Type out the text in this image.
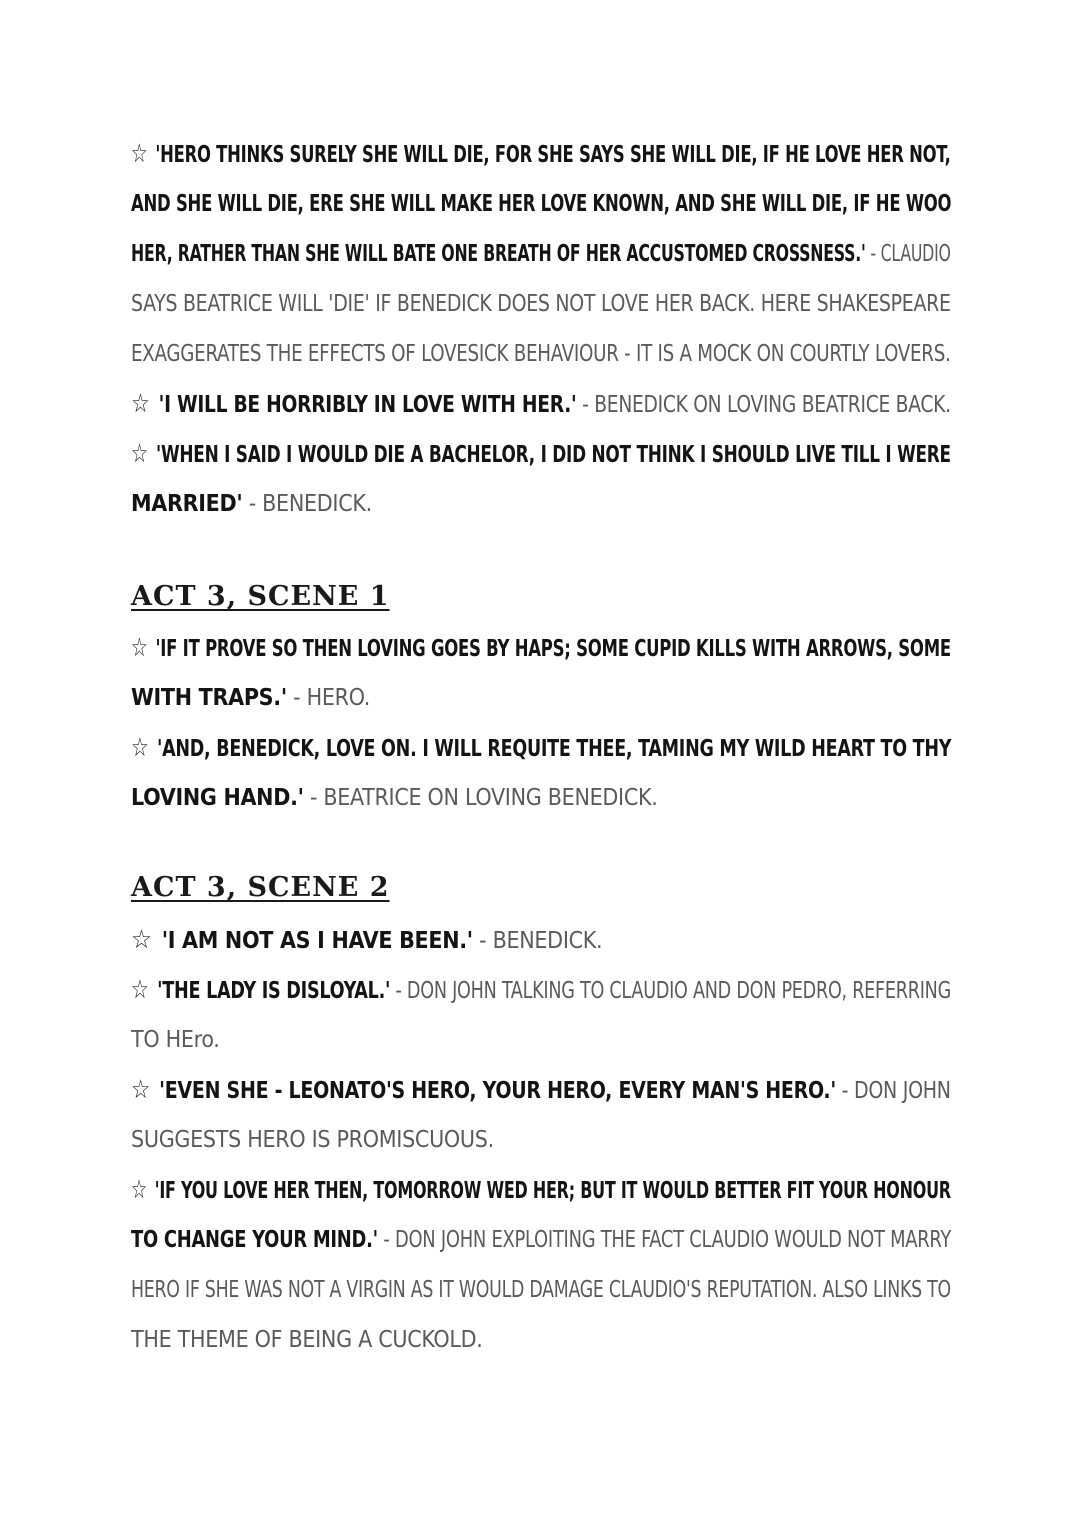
☆ 'HERO THINKS SURELY SHE WILL DIE, FOR SHE SAYS SHE WILL DIE, IF HE LOVE HER NOT,
AND SHE WILL DIE, ERE SHE WILL MAKE HER LOVE KNOWN, AND SHE WILL DIE, IF HE WOO
HER, RATHER THAN SHE WILL BATE ONE BREATH OF HER ACCUSTOMED CROSSNESS.' - CLAUDIO
SAYS BEATRICE WILL 'DIE' IF BENEDICK DOES NOT LOVE HER BACK. HERE SHAKESPEARE
EXAGGERATES THE EFFECTS OF LOVESICK BEHAVIOUR - IT IS A MOCK ON COURTLY LOVERS.
☆ 'I WILL BE HORRIBLY IN LOVE WITH HER.' - BENEDICK ON LOVING BEATRICE BACK.
☆ 'WHEN I SAID I WOULD DIE A BACHELOR, I DID NOT THINK I SHOULD LIVE TILL I WERE
MARRIED' - BENEDICK.
ACT 3, SCENE 1
☆ 'IF IT PROVE SO THEN LOVING GOES BY HAPS; SOME CUPID KILLS WITH ARROWS, SOME
WITH TRAPS.' - HERO.
☆ 'AND, BENEDICK, LOVE ON. I WILL REQUITE THEE, TAMING MY WILD HEART TO THY
LOVING HAND.' - BEATRICE ON LOVING BENEDICK.
ACT 3, SCENE 2
☆ 'I AM NOT AS I HAVE BEEN.' - BENEDICK.
☆ 'THE LADY IS DISLOYAL.' - DON JOHN TALKING TO CLAUDIO AND DON PEDRO, REFERRING
TO HEro.
☆ 'EVEN SHE - LEONATO'S HERO, YOUR HERO, EVERY MAN'S HERO.' - DON JOHN
SUGGESTS HERO IS PROMISCUOUS.
☆ 'IF YOU LOVE HER THEN, TOMORROW WED HER; BUT IT WOULD BETTER FIT YOUR HONOUR
TO CHANGE YOUR MIND.' - DON JOHN EXPLOITING THE FACT CLAUDIO WOULD NOT MARRY
HERO IF SHE WAS NOT A VIRGIN AS IT WOULD DAMAGE CLAUDIO'S REPUTATION. ALSO LINKS TO
THE THEME OF BEING A CUCKOLD.
